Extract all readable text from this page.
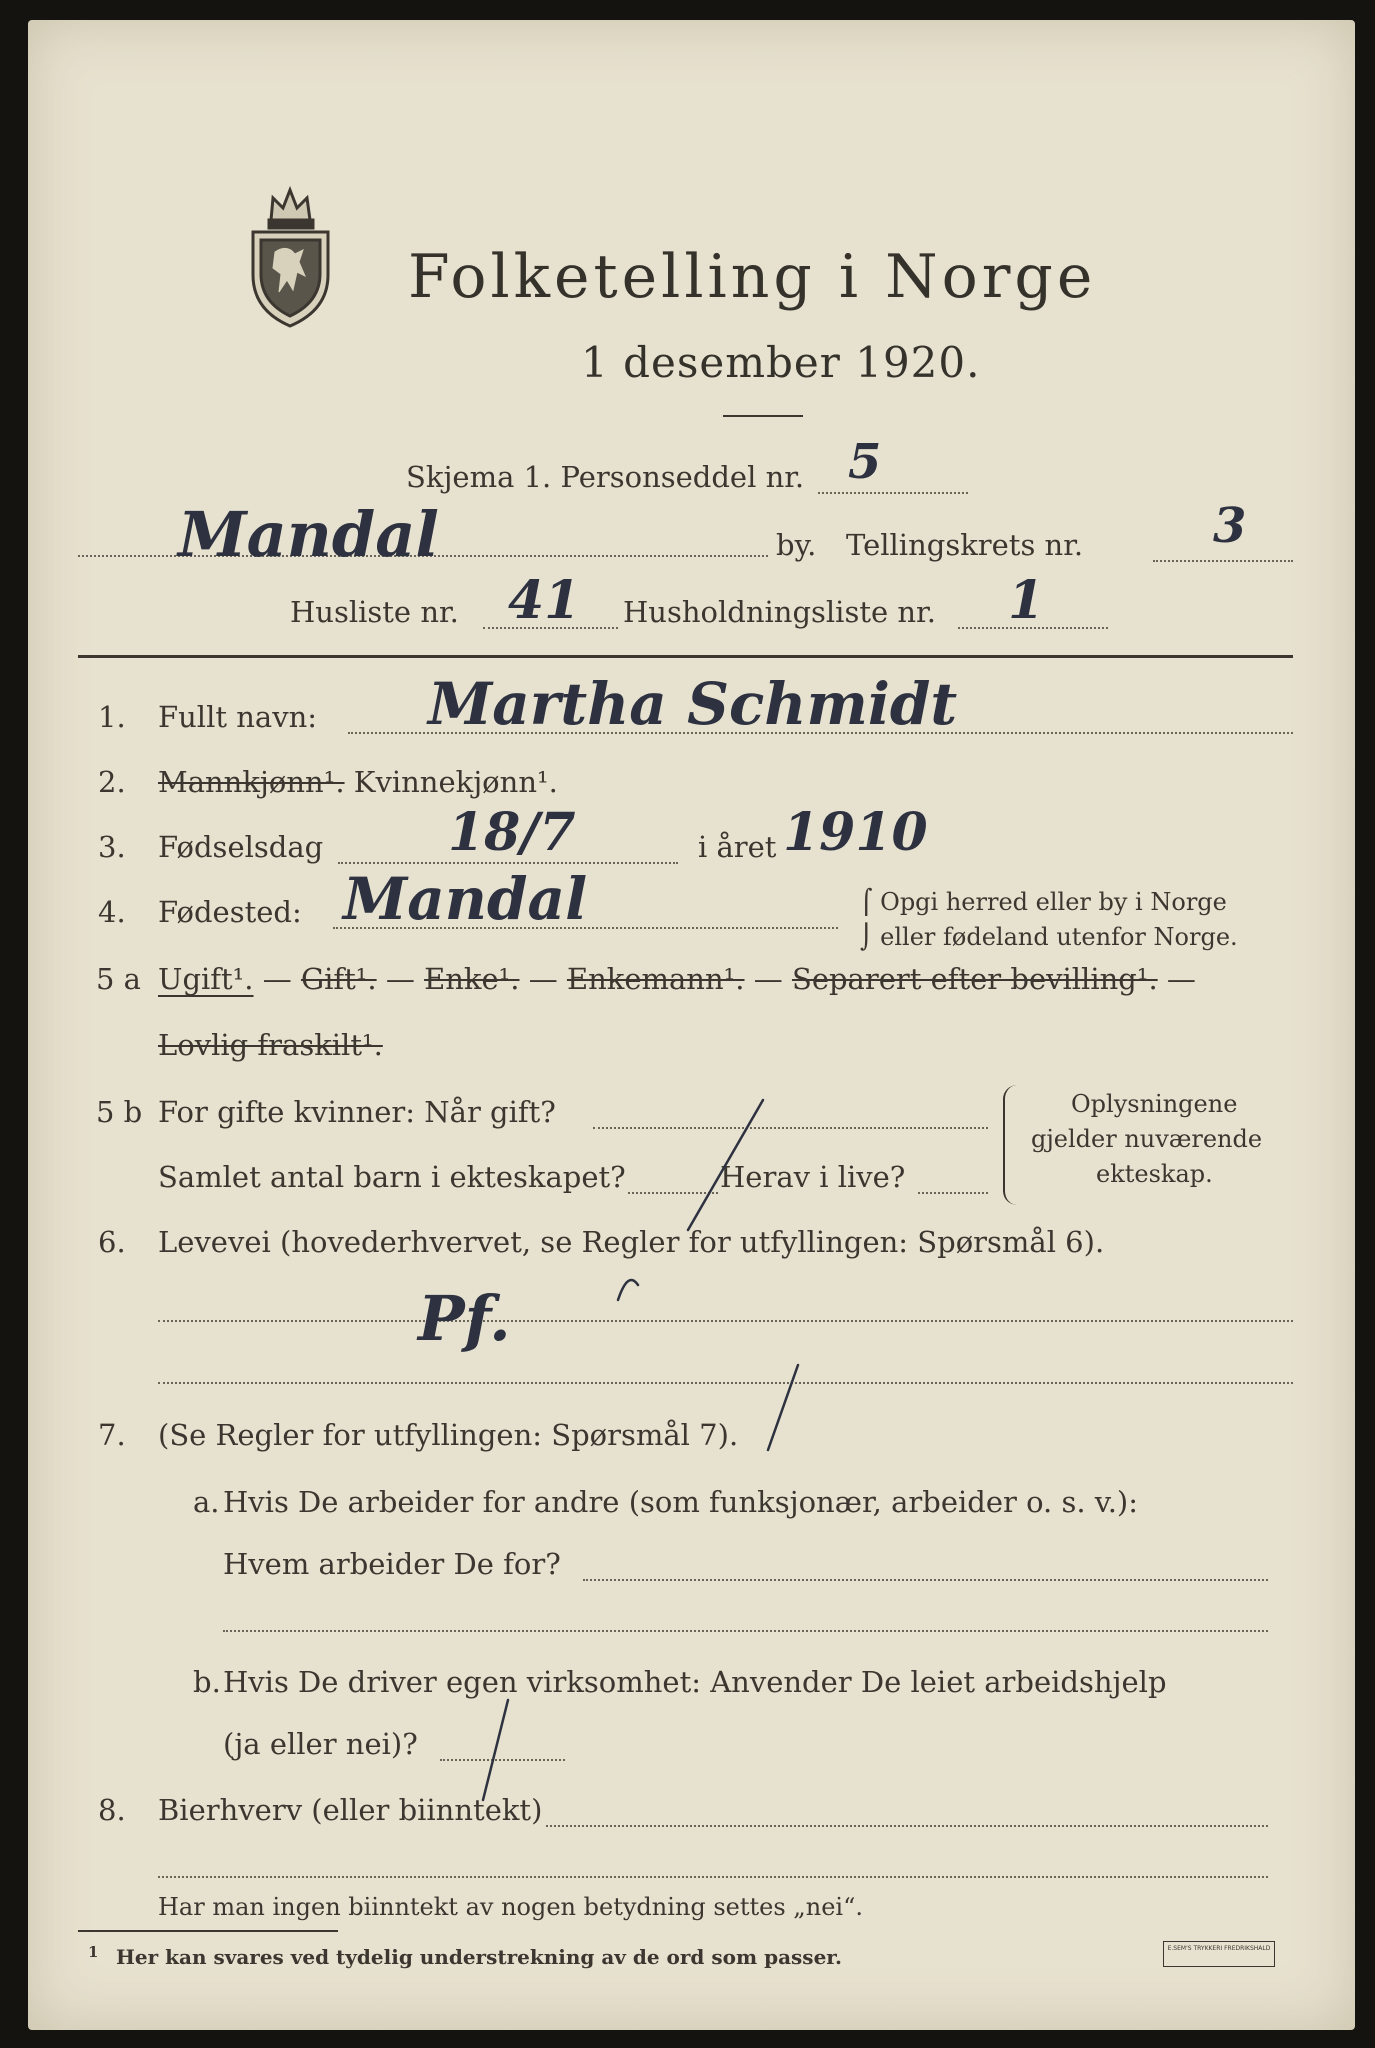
Folketelling i Norge
1 desember 1920.
Skjema 1. Personseddel nr. 5
Mandal	by. Tellingskrets nr.	3
Husliste nr. 41 Husholdningsliste nr. 1
1. Fullt navn: Martha Schmidt
2. Mannkjønn¹. Kvinnekjønn¹.
3. Fødselsdag 18/7	i året 1910
4. Fødested: Mandal	⌠ Opgi herred eller by i Norge
⌡ eller fødeland utenfor Norge.
5 a Ugift¹. — Gift¹. — Enke¹. — Enkemann¹. — Separert efter bevilling¹. —
Lovlig fraskilt¹.
5 b For gifte kvinner: Når gift?
Samlet antal barn i ekteskapet?	Herav i live?
Oplysningene
gjelder nuværende
ekteskap.
6. Levevei (hovederhvervet, se Regler for utfyllingen: Spørsmål 6).
Pf.
7. (Se Regler for utfyllingen: Spørsmål 7).
a. Hvis De arbeider for andre (som funksjonær, arbeider o. s. v.):
Hvem arbeider De for?
b. Hvis De driver egen virksomhet: Anvender De leiet arbeidshjelp
(ja eller nei)?
8. Bierhverv (eller biinntekt)
Har man ingen biinntekt av nogen betydning settes „nei“.
1 Her kan svares ved tydelig understrekning av de ord som passer.	E.SEM'S TRYKKERI FREDRIKSHALD
